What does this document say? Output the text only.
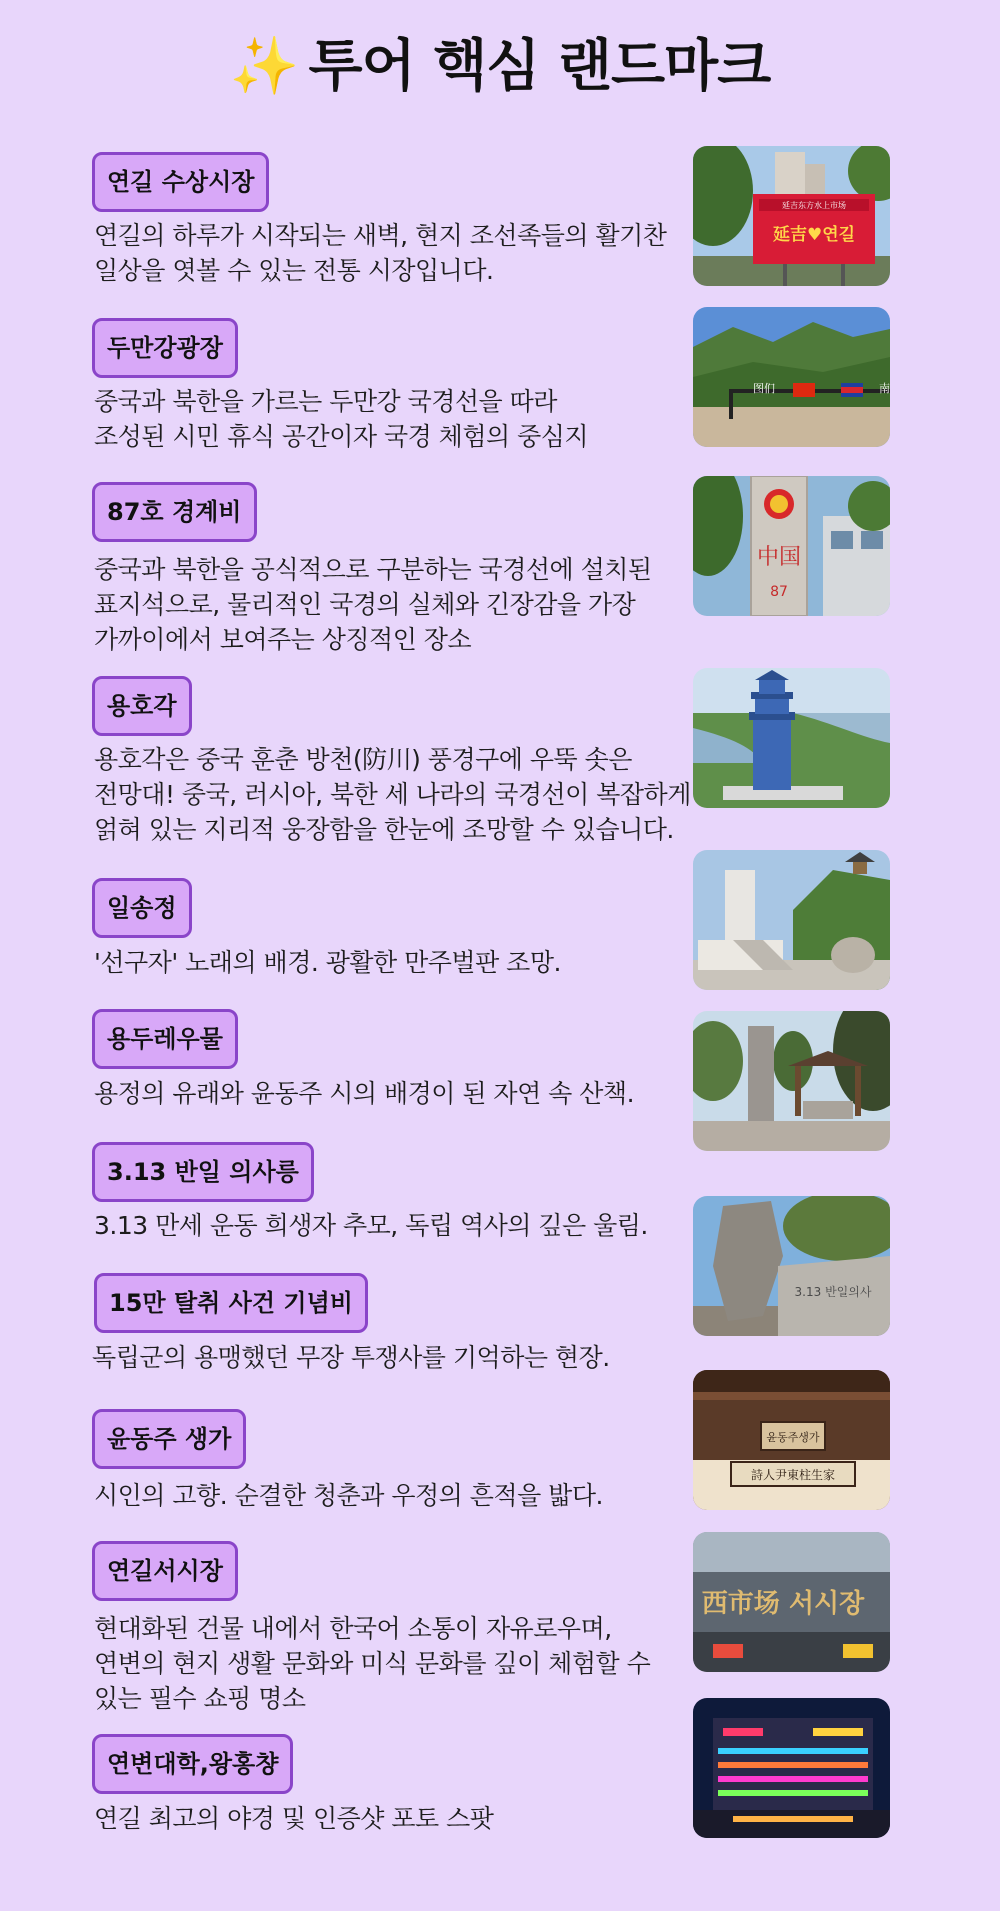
✨ 투어 핵심 랜드마크
연길 수상시장
연길의 하루가 시작되는 새벽, 현지 조선족들의 활기찬
일상을 엿볼 수 있는 전통 시장입니다.
延吉东方水上市场
延吉♥연길
두만강광장
중국과 북한을 가르는 두만강 국경선을 따라
조성된 시민 휴식 공간이자 국경 체험의 중심지
图们	南
87호 경계비
중국과 북한을 공식적으로 구분하는 국경선에 설치된
표지석으로, 물리적인 국경의 실체와 긴장감을 가장
가까이에서 보여주는 상징적인 장소
中国
87
용호각
용호각은 중국 훈춘 방천(防川) 풍경구에 우뚝 솟은
전망대! 중국, 러시아, 북한 세 나라의 국경선이 복잡하게
얽혀 있는 지리적 웅장함을 한눈에 조망할 수 있습니다.
일송정
'선구자' 노래의 배경. 광활한 만주벌판 조망.
용두레우물
용정의 유래와 윤동주 시의 배경이 된 자연 속 산책.
3.13 반일 의사릉
3.13 만세 운동 희생자 추모, 독립 역사의 깊은 울림.
3.13 반일의사
15만 탈취 사건 기념비
독립군의 용맹했던 무장 투쟁사를 기억하는 현장.
윤동주 생가
시인의 고향. 순결한 청춘과 우정의 흔적을 밟다.
윤동주생가
詩人尹東柱生家
연길서시장
현대화된 건물 내에서 한국어 소통이 자유로우며,
연변의 현지 생활 문화와 미식 문화를 깊이 체험할 수
있는 필수 쇼핑 명소
西市场 서시장
연변대학,왕홍챵
연길 최고의 야경 및 인증샷 포토 스팟
